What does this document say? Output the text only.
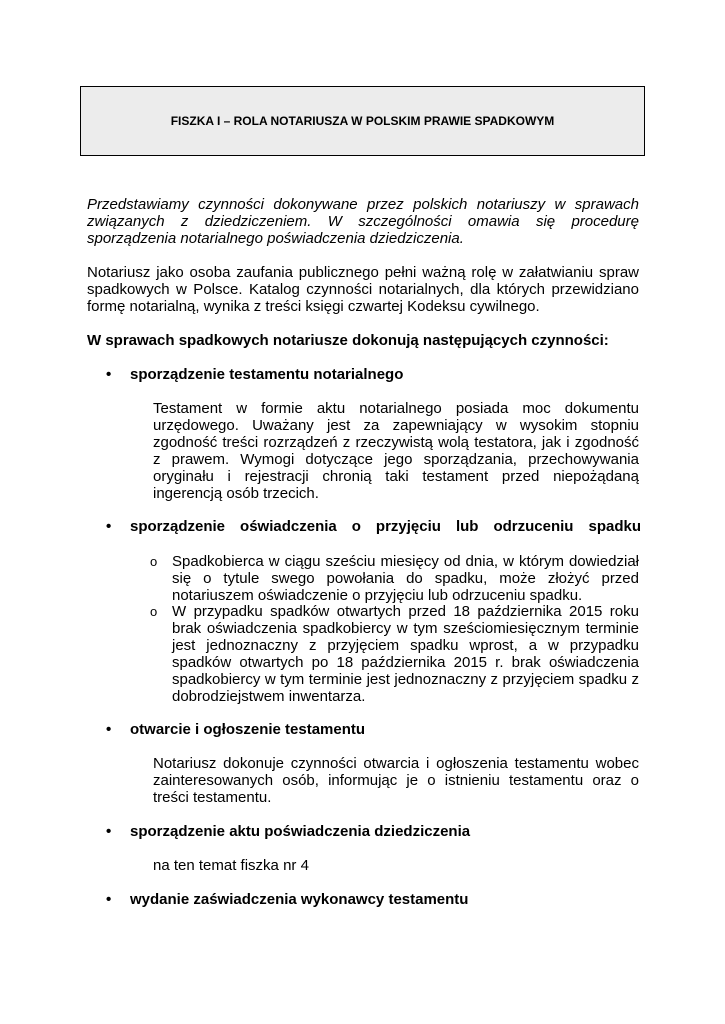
FISZKA I – ROLA NOTARIUSZA W POLSKIM PRAWIE SPADKOWYM
Przedstawiamy czynności dokonywane przez polskich notariuszy w sprawach związanych z dziedziczeniem. W szczególności omawia się procedurę sporządzenia notarialnego poświadczenia dziedziczenia.
Notariusz jako osoba zaufania publicznego pełni ważną rolę w załatwianiu spraw spadkowych w Polsce. Katalog czynności notarialnych, dla których przewidziano formę notarialną, wynika z treści księgi czwartej Kodeksu cywilnego.
W sprawach spadkowych notariusze dokonują następujących czynności:
• sporządzenie testamentu notarialnego
Testament w formie aktu notarialnego posiada moc dokumentu urzędowego. Uważany jest za zapewniający w wysokim stopniu zgodność treści rozrządzeń z rzeczywistą wolą testatora, jak i zgodność z prawem. Wymogi dotyczące jego sporządzania, przechowywania oryginału i rejestracji chronią taki testament przed niepożądaną ingerencją osób trzecich.
• sporządzenie oświadczenia o przyjęciu lub odrzuceniu spadku
o Spadkobierca w ciągu sześciu miesięcy od dnia, w którym dowiedział się o tytule swego powołania do spadku, może złożyć przed notariuszem oświadczenie o przyjęciu lub odrzuceniu spadku.
o W przypadku spadków otwartych przed 18 października 2015 roku brak oświadczenia spadkobiercy w tym sześciomiesięcznym terminie jest jednoznaczny z przyjęciem spadku wprost, a w przypadku spadków otwartych po 18 października 2015 r. brak oświadczenia spadkobiercy w tym terminie jest jednoznaczny z przyjęciem spadku z dobrodziejstwem inwentarza.
• otwarcie i ogłoszenie testamentu
Notariusz dokonuje czynności otwarcia i ogłoszenia testamentu wobec zainteresowanych osób, informując je o istnieniu testamentu oraz o treści testamentu.
• sporządzenie aktu poświadczenia dziedziczenia
na ten temat fiszka nr 4
• wydanie zaświadczenia wykonawcy testamentu
